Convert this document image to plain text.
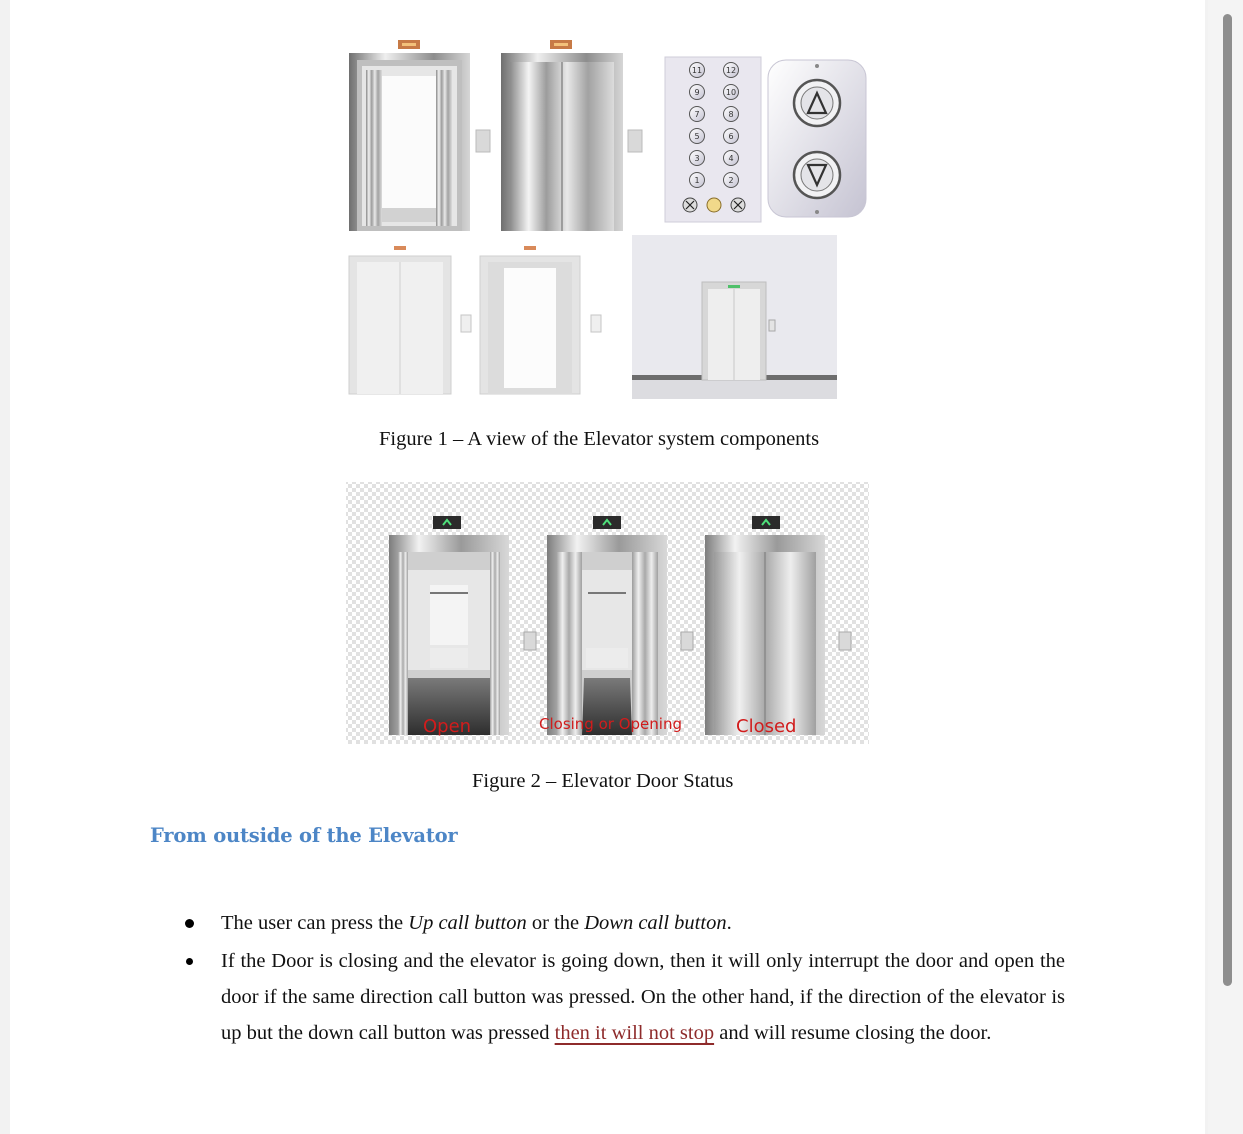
11
9
7
5
3
1
12
10
8
6
4
2
Figure 1 – A view of the Elevator system components
Open	Closing or Opening	Closed
Figure 2 – Elevator Door Status
From outside of the Elevator
The user can press the Up call button or the Down call button.
If the Door is closing and the elevator is going down, then it will only interrupt the door and open the door if the same direction call button was pressed. On the other hand, if the direction of the elevator is up but the down call button was pressed then it will not stop and will resume closing the door.
